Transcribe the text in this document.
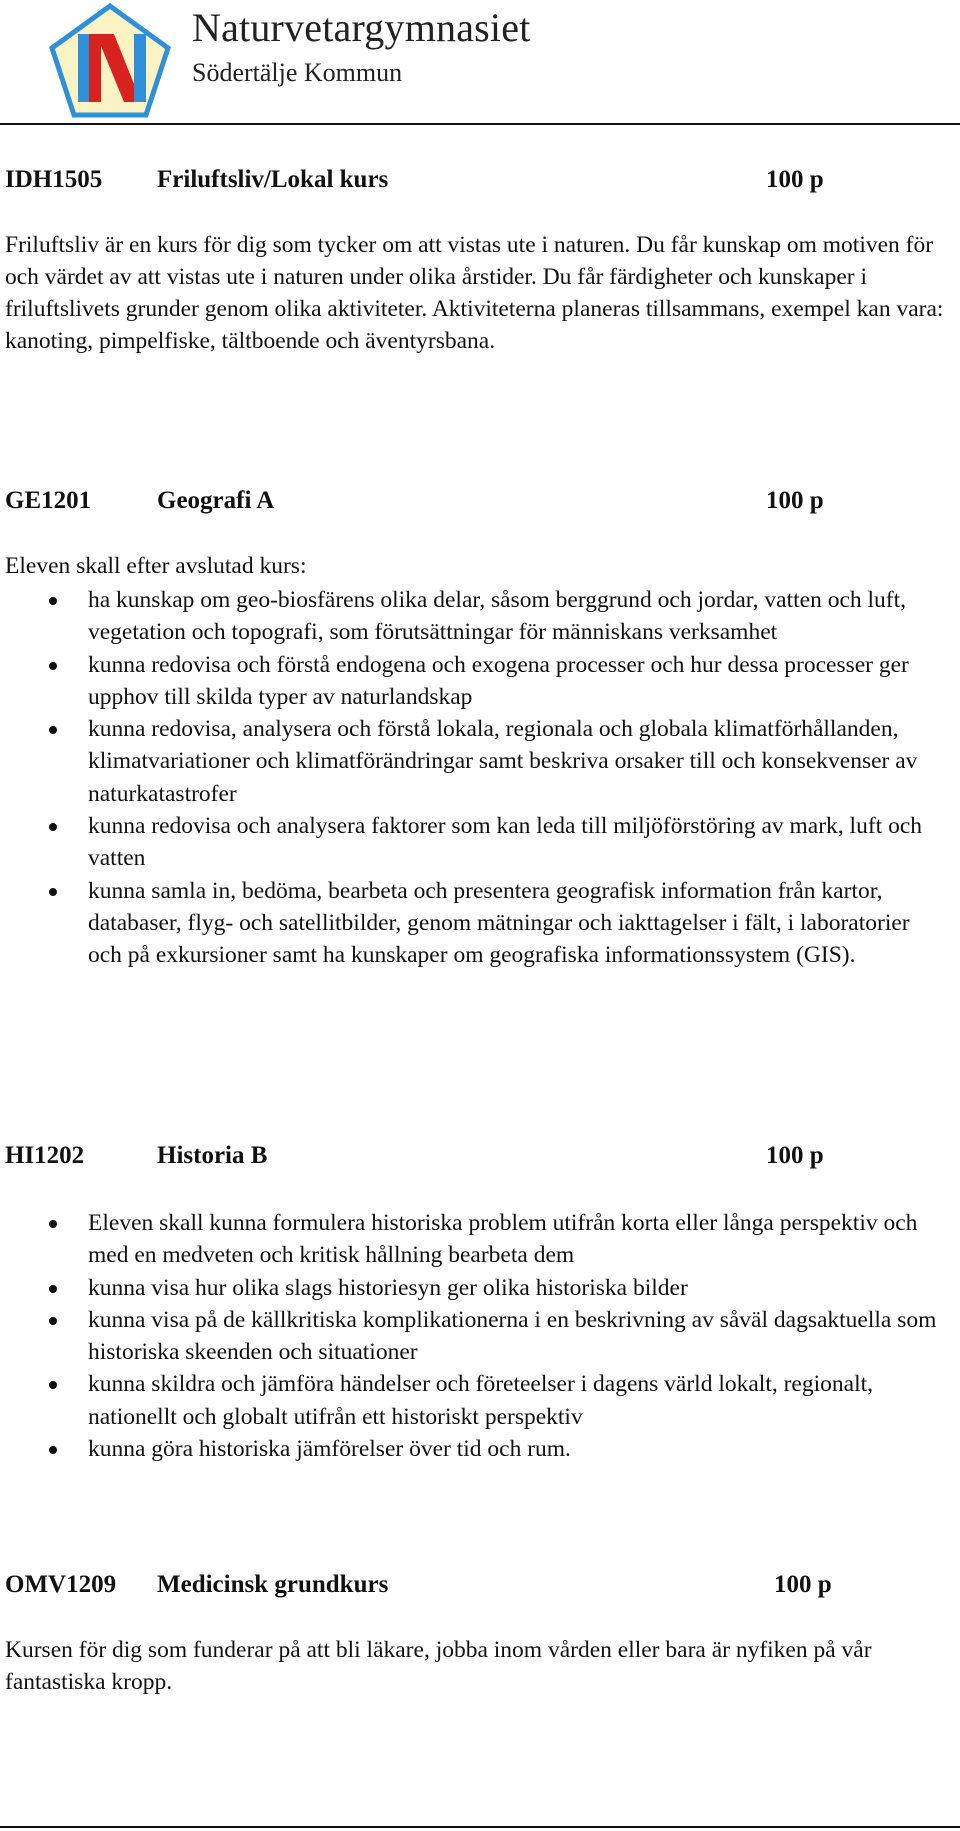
Naturvetargymnasiet
Södertälje Kommun
IDH1505 Friluftsliv/Lokal kurs	100 p

Friluftsliv är en kurs för dig som tycker om att vistas ute i naturen. Du får kunskap om motiven för och värdet av att vistas ute i naturen under olika årstider. Du får färdigheter och kunskaper i friluftslivets grunder genom olika aktiviteter. Aktiviteterna planeras tillsammans, exempel kan vara: kanoting, pimpelfiske, tältboende och äventyrsbana.

GE1201	Geografi A	100 p

Eleven skall efter avslutad kurs:

ha kunskap om geo-biosfärens olika delar, såsom berggrund och jordar, vatten och luft, vegetation och topografi, som förutsättningar för människans verksamhet
kunna redovisa och förstå endogena och exogena processer och hur dessa processer ger upphov till skilda typer av naturlandskap
kunna redovisa, analysera och förstå lokala, regionala och globala klimatförhållanden, klimatvariationer och klimatförändringar samt beskriva orsaker till och konsekvenser av naturkatastrofer
kunna redovisa och analysera faktorer som kan leda till miljöförstöring av mark, luft och vatten
kunna samla in, bedöma, bearbeta och presentera geografisk information från kartor, databaser, flyg- och satellitbilder, genom mätningar och iakttagelser i fält, i laboratorier och på exkursioner samt ha kunskaper om geografiska informationssystem (GIS).
HI1202	Historia B	100 p
Eleven skall kunna formulera historiska problem utifrån korta eller långa perspektiv och med en medveten och kritisk hållning bearbeta dem
kunna visa hur olika slags historiesyn ger olika historiska bilder
kunna visa på de källkritiska komplikationerna i en beskrivning av såväl dagsaktuella som historiska skeenden och situationer
kunna skildra och jämföra händelser och företeelser i dagens värld lokalt, regionalt, nationellt och globalt utifrån ett historiskt perspektiv
kunna göra historiska jämförelser över tid och rum.
OMV1209 Medicinsk grundkurs	100 p

Kursen för dig som funderar på att bli läkare, jobba inom vården eller bara är nyfiken på vår fantastiska kropp.
